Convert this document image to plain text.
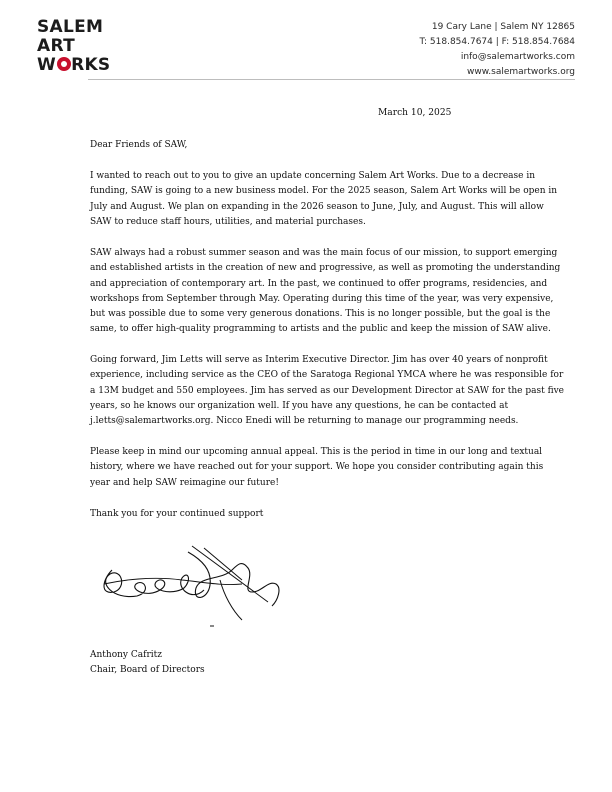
SALEM
ART
W RKS
19 Cary Lane | Salem NY 12865
T: 518.854.7674 | F: 518.854.7684
info@salemartworks.com
www.salemartworks.org
March 10, 2025

Dear Friends of SAW,

I wanted to reach out to you to give an update concerning Salem Art Works. Due to a decrease in funding, SAW is going to a new business model. For the 2025 season, Salem Art Works will be open in July and August. We plan on expanding in the 2026 season to June, July, and August. This will allow SAW to reduce staff hours, utilities, and material purchases.

SAW always had a robust summer season and was the main focus of our mission, to support emerging and established artists in the creation of new and progressive, as well as promoting the understanding and appreciation of contemporary art. In the past, we continued to offer programs, residencies, and workshops from September through May. Operating during this time of the year, was very expensive, but was possible due to some very generous donations. This is no longer possible, but the goal is the same, to offer high-quality programming to artists and the public and keep the mission of SAW alive.

Going forward, Jim Letts will serve as Interim Executive Director. Jim has over 40 years of nonprofit experience, including service as the CEO of the Saratoga Regional YMCA where he was responsible for a 13M budget and 550 employees. Jim has served as our Development Director at SAW for the past five years, so he knows our organization well. If you have any questions, he can be contacted at j.letts@salemartworks.org. Nicco Enedi will be returning to manage our programming needs.

Please keep in mind our upcoming annual appeal. This is the period in time in our long and textual history, where we have reached out for your support. We hope you consider contributing again this year and help SAW reimagine our future!

Thank you for your continued support

Anthony Cafritz
Chair, Board of Directors
